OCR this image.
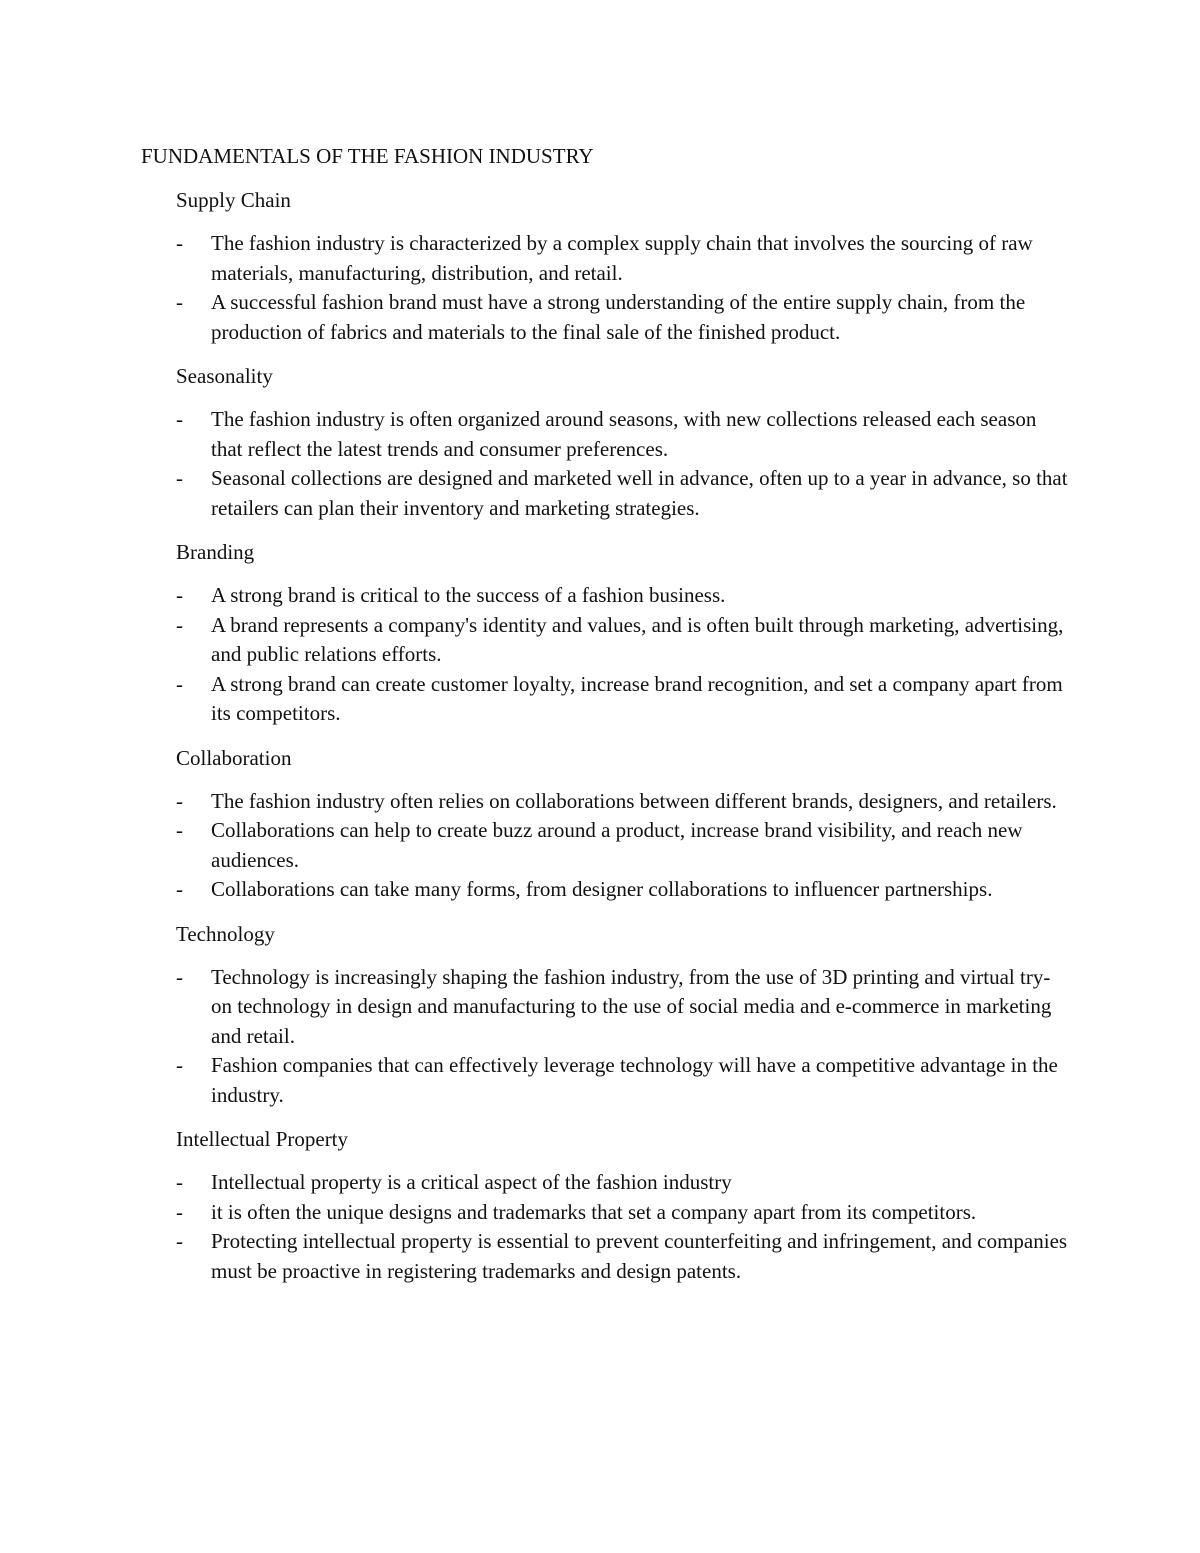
FUNDAMENTALS OF THE FASHION INDUSTRY
Supply Chain
- The fashion industry is characterized by a complex supply chain that involves the sourcing of raw materials, manufacturing, distribution, and retail.
- A successful fashion brand must have a strong understanding of the entire supply chain, from the production of fabrics and materials to the final sale of the finished product.
Seasonality
- The fashion industry is often organized around seasons, with new collections released each season that reflect the latest trends and consumer preferences.
- Seasonal collections are designed and marketed well in advance, often up to a year in advance, so that retailers can plan their inventory and marketing strategies.
Branding
- A strong brand is critical to the success of a fashion business.
- A brand represents a company's identity and values, and is often built through marketing, advertising, and public relations efforts.
- A strong brand can create customer loyalty, increase brand recognition, and set a company apart from its competitors.
Collaboration
- The fashion industry often relies on collaborations between different brands, designers, and retailers.
- Collaborations can help to create buzz around a product, increase brand visibility, and reach new audiences.
- Collaborations can take many forms, from designer collaborations to influencer partnerships.
Technology
- Technology is increasingly shaping the fashion industry, from the use of 3D printing and virtual try-on technology in design and manufacturing to the use of social media and e-commerce in marketing and retail.
- Fashion companies that can effectively leverage technology will have a competitive advantage in the industry.
Intellectual Property
- Intellectual property is a critical aspect of the fashion industry
- it is often the unique designs and trademarks that set a company apart from its competitors.
- Protecting intellectual property is essential to prevent counterfeiting and infringement, and companies must be proactive in registering trademarks and design patents.
